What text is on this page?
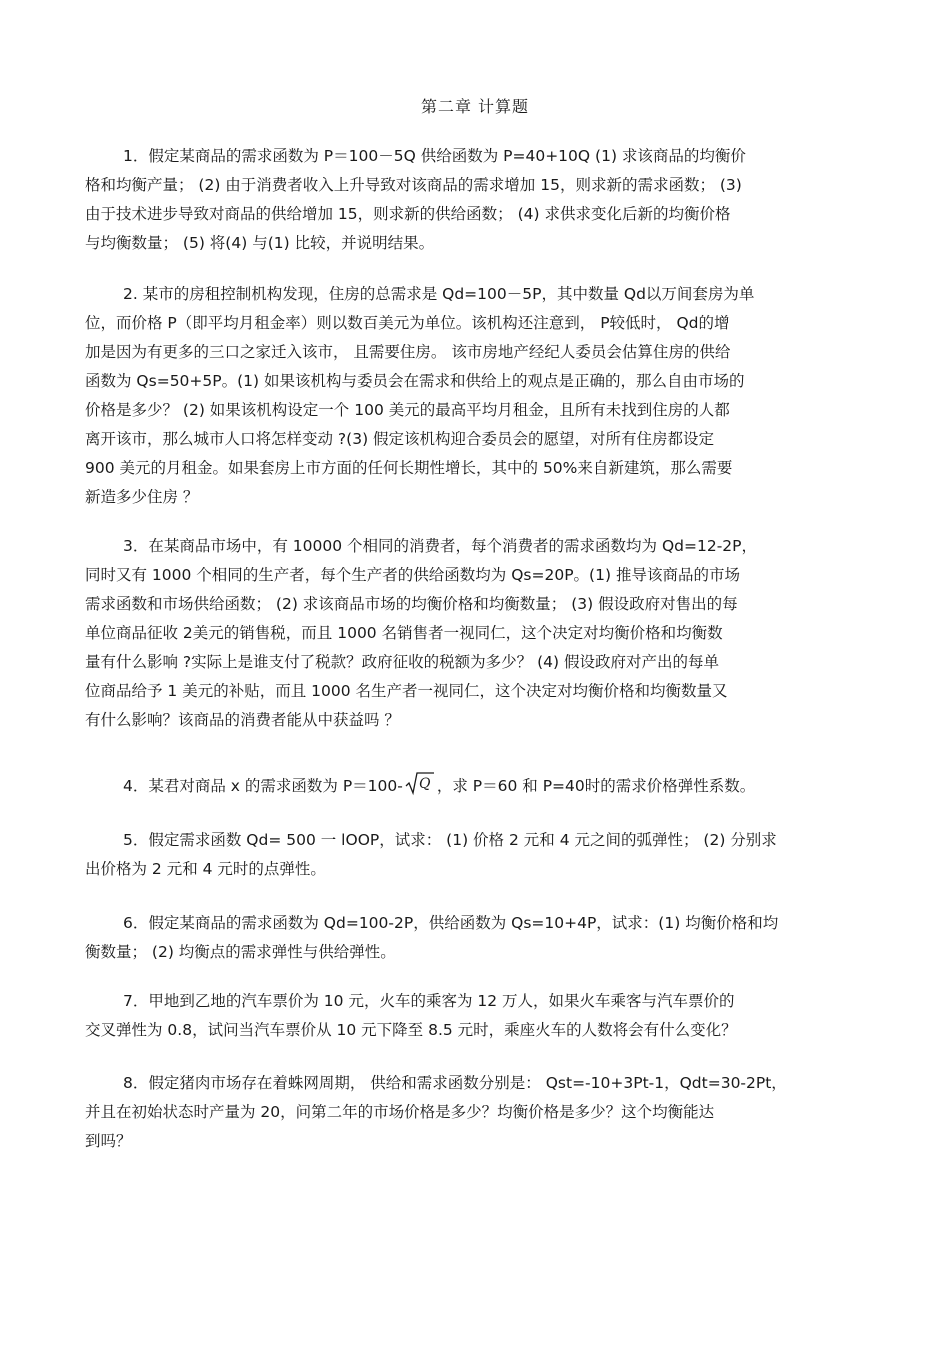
第二章 计算题
1．假定某商品的需求函数为 P＝100－5Q 供给函数为 P=40+10Q (1) 求该商品的均衡价
格和均衡产量； (2) 由于消费者收入上升导致对该商品的需求增加 15，则求新的需求函数； (3)
由于技术进步导致对商品的供给增加 15，则求新的供给函数； (4) 求供求变化后新的均衡价格
与均衡数量； (5) 将(4) 与(1) 比较，并说明结果。
2. 某市的房租控制机构发现，住房的总需求是 Qd=100－5P，其中数量 Qd以万间套房为单
位，而价格 P（即平均月租金率）则以数百美元为单位。该机构还注意到， P较低时， Qd的增
加是因为有更多的三口之家迁入该市， 且需要住房。 该市房地产经纪人委员会估算住房的供给
函数为 Qs=50+5P。(1) 如果该机构与委员会在需求和供给上的观点是正确的，那么自由市场的
价格是多少？ (2) 如果该机构设定一个 100 美元的最高平均月租金，且所有未找到住房的人都
离开该市，那么城市人口将怎样变动 ?(3) 假定该机构迎合委员会的愿望，对所有住房都设定
900 美元的月租金。如果套房上市方面的任何长期性增长，其中的 50%来自新建筑，那么需要
新造多少住房 ？
3．在某商品市场中，有 10000 个相同的消费者，每个消费者的需求函数均为 Qd=12-2P，
同时又有 1000 个相同的生产者，每个生产者的供给函数均为 Qs=20P。(1) 推导该商品的市场
需求函数和市场供给函数； (2) 求该商品市场的均衡价格和均衡数量； (3) 假设政府对售出的每
单位商品征收 2美元的销售税，而且 1000 名销售者一视同仁，这个决定对均衡价格和均衡数
量有什么影响 ?实际上是谁支付了税款？政府征收的税额为多少？ (4) 假设政府对产出的每单
位商品给予 1 美元的补贴，而且 1000 名生产者一视同仁，这个决定对均衡价格和均衡数量又
有什么影响？该商品的消费者能从中获益吗 ？
4．某君对商品 x 的需求函数为 P＝100- Q ，求 P＝60 和 P=40时的需求价格弹性系数。
5．假定需求函数 Qd= 500 一 lOOP，试求： (1) 价格 2 元和 4 元之间的弧弹性； (2) 分别求
出价格为 2 元和 4 元时的点弹性。
6．假定某商品的需求函数为 Qd=100-2P，供给函数为 Qs=10+4P，试求：(1) 均衡价格和均
衡数量； (2) 均衡点的需求弹性与供给弹性。
7．甲地到乙地的汽车票价为 10 元，火车的乘客为 12 万人，如果火车乘客与汽车票价的
交叉弹性为 0.8，试问当汽车票价从 10 元下降至 8.5 元时，乘座火车的人数将会有什么变化？
8．假定猪肉市场存在着蛛网周期， 供给和需求函数分别是： Qst=-10+3Pt-1，Qdt=30-2Pt，
并且在初始状态时产量为 20，问第二年的市场价格是多少？均衡价格是多少？这个均衡能达
到吗？
